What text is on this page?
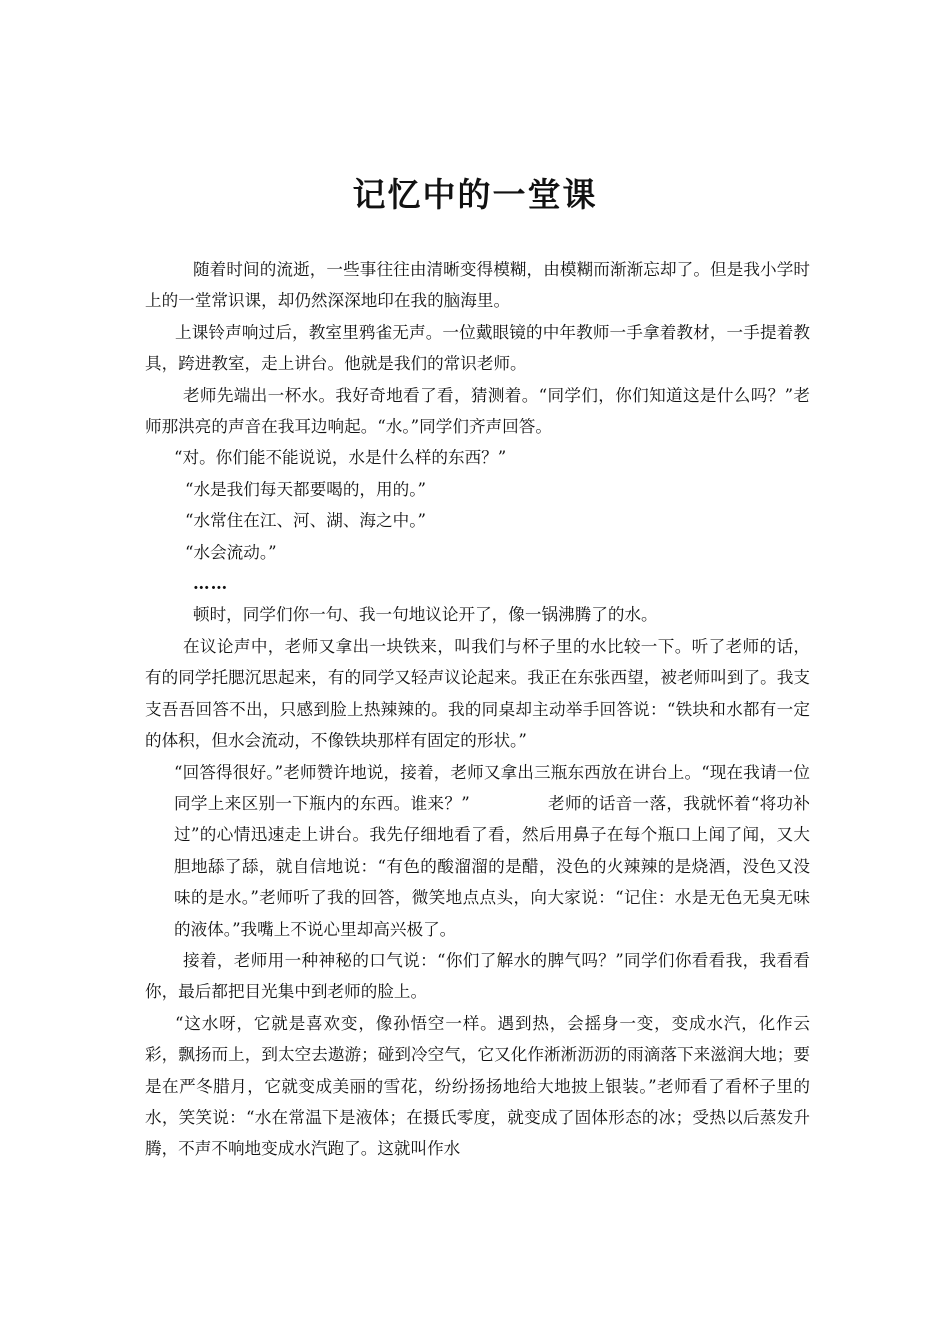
记忆中的一堂课

随着时间的流逝，一些事往往由清晰变得模糊，由模糊而渐渐忘却了。但是我小学时上的一堂常识课，却仍然深深地印在我的脑海里。

上课铃声响过后，教室里鸦雀无声。一位戴眼镜的中年教师一手拿着教材，一手提着教具，跨进教室，走上讲台。他就是我们的常识老师。

老师先端出一杯水。我好奇地看了看，猜测着。“同学们，你们知道这是什么吗？”老师那洪亮的声音在我耳边响起。“水。”同学们齐声回答。

“对。你们能不能说说，水是什么样的东西？”

“水是我们每天都要喝的，用的。”

“水常住在江、河、湖、海之中。”

“水会流动。”

……

顿时，同学们你一句、我一句地议论开了，像一锅沸腾了的水。

在议论声中，老师又拿出一块铁来，叫我们与杯子里的水比较一下。听了老师的话，有的同学托腮沉思起来，有的同学又轻声议论起来。我正在东张西望，被老师叫到了。我支支吾吾回答不出，只感到脸上热辣辣的。我的同桌却主动举手回答说：“铁块和水都有一定的体积，但水会流动，不像铁块那样有固定的形状。”

“回答得很好。”老师赞许地说，接着，老师又拿出三瓶东西放在讲台上。“现在我请一位同学上来区别一下瓶内的东西。谁来？”	老师的话音一落，我就怀着“将功补过”的心情迅速走上讲台。我先仔细地看了看，然后用鼻子在每个瓶口上闻了闻，又大胆地舔了舔，就自信地说：“有色的酸溜溜的是醋，没色的火辣辣的是烧酒，没色又没味的是水。”老师听了我的回答，微笑地点点头，向大家说：“记住：水是无色无臭无味的液体。”我嘴上不说心里却高兴极了。

接着，老师用一种神秘的口气说：“你们了解水的脾气吗？”同学们你看看我，我看看你，最后都把目光集中到老师的脸上。

“这水呀，它就是喜欢变，像孙悟空一样。遇到热，会摇身一变，变成水汽，化作云彩，飘扬而上，到太空去遨游；碰到冷空气，它又化作淅淅沥沥的雨滴落下来滋润大地；要是在严冬腊月，它就变成美丽的雪花，纷纷扬扬地给大地披上银装。”老师看了看杯子里的水，笑笑说：“水在常温下是液体；在摄氏零度，就变成了固体形态的冰；受热以后蒸发升腾，不声不响地变成水汽跑了。这就叫作水
